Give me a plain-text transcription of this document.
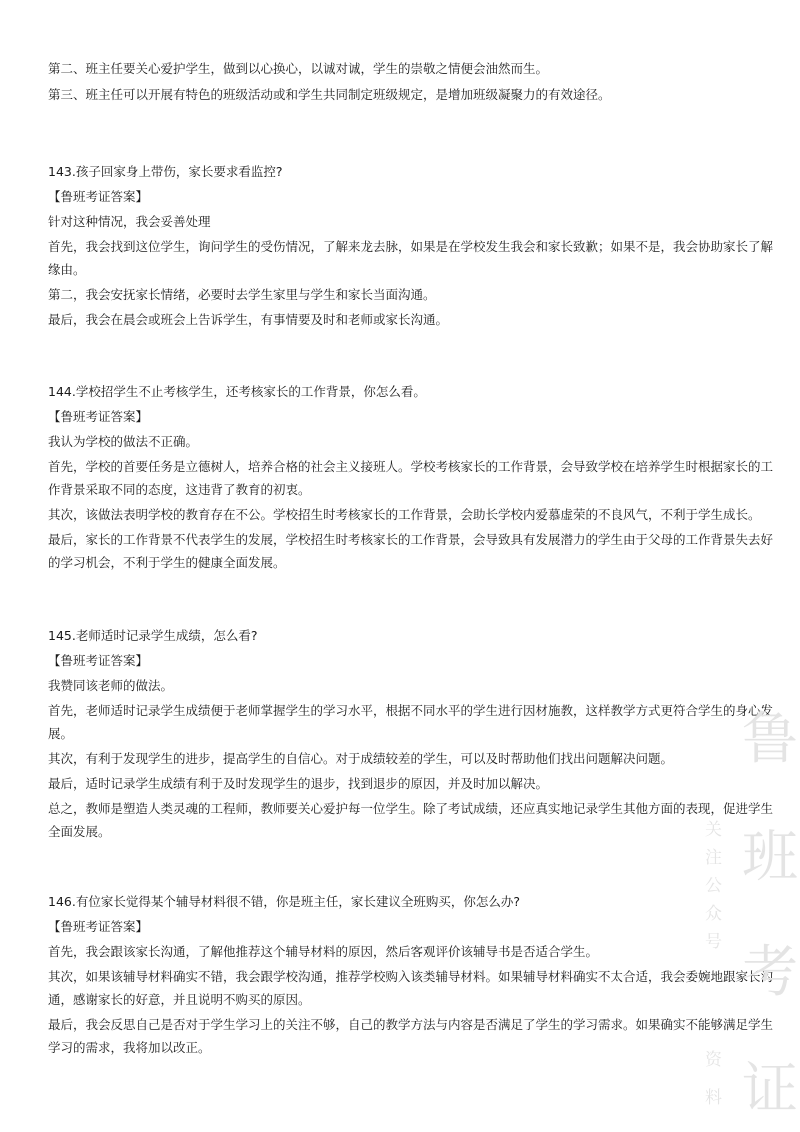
第二、班主任要关心爱护学生，做到以心换心，以诚对诚，学生的崇敬之情便会油然而生。
第三、班主任可以开展有特色的班级活动或和学生共同制定班级规定，是增加班级凝聚力的有效途径。
143.孩子回家身上带伤，家长要求看监控?
【鲁班考证答案】
针对这种情况，我会妥善处理
首先，我会找到这位学生，询问学生的受伤情况，了解来龙去脉，如果是在学校发生我会和家长致歉；如果不是，我会协助家长了解
缘由。
第二，我会安抚家长情绪，必要时去学生家里与学生和家长当面沟通。
最后，我会在晨会或班会上告诉学生，有事情要及时和老师或家长沟通。
144.学校招学生不止考核学生，还考核家长的工作背景，你怎么看。
【鲁班考证答案】
我认为学校的做法不正确。
首先，学校的首要任务是立德树人，培养合格的社会主义接班人。学校考核家长的工作背景，会导致学校在培养学生时根据家长的工
作背景采取不同的态度，这违背了教育的初衷。
其次，该做法表明学校的教育存在不公。学校招生时考核家长的工作背景，会助长学校内爱慕虚荣的不良风气，不利于学生成长。
最后，家长的工作背景不代表学生的发展，学校招生时考核家长的工作背景，会导致具有发展潜力的学生由于父母的工作背景失去好
的学习机会，不利于学生的健康全面发展。
145.老师适时记录学生成绩，怎么看?
【鲁班考证答案】
我赞同该老师的做法。
首先，老师适时记录学生成绩便于老师掌握学生的学习水平，根据不同水平的学生进行因材施教，这样教学方式更符合学生的身心发
展。
其次，有利于发现学生的进步，提高学生的自信心。对于成绩较差的学生，可以及时帮助他们找出问题解决问题。
最后，适时记录学生成绩有利于及时发现学生的退步，找到退步的原因，并及时加以解决。
总之，教师是塑造人类灵魂的工程师，教师要关心爱护每一位学生。除了考试成绩，还应真实地记录学生其他方面的表现，促进学生
全面发展。
146.有位家长觉得某个辅导材料很不错，你是班主任，家长建议全班购买，你怎么办?
【鲁班考证答案】
首先，我会跟该家长沟通，了解他推荐这个辅导材料的原因，然后客观评价该辅导书是否适合学生。
其次，如果该辅导材料确实不错，我会跟学校沟通，推荐学校购入该类辅导材料。如果辅导材料确实不太合适，我会委婉地跟家长沟
通，感谢家长的好意，并且说明不购买的原因。
最后，我会反思自己是否对于学生学习上的关注不够，自己的教学方法与内容是否满足了学生的学习需求。如果确实不能够满足学生
学习的需求，我将加以改正。
鲁
班
考
证
关
注
公
众
号
资
料
